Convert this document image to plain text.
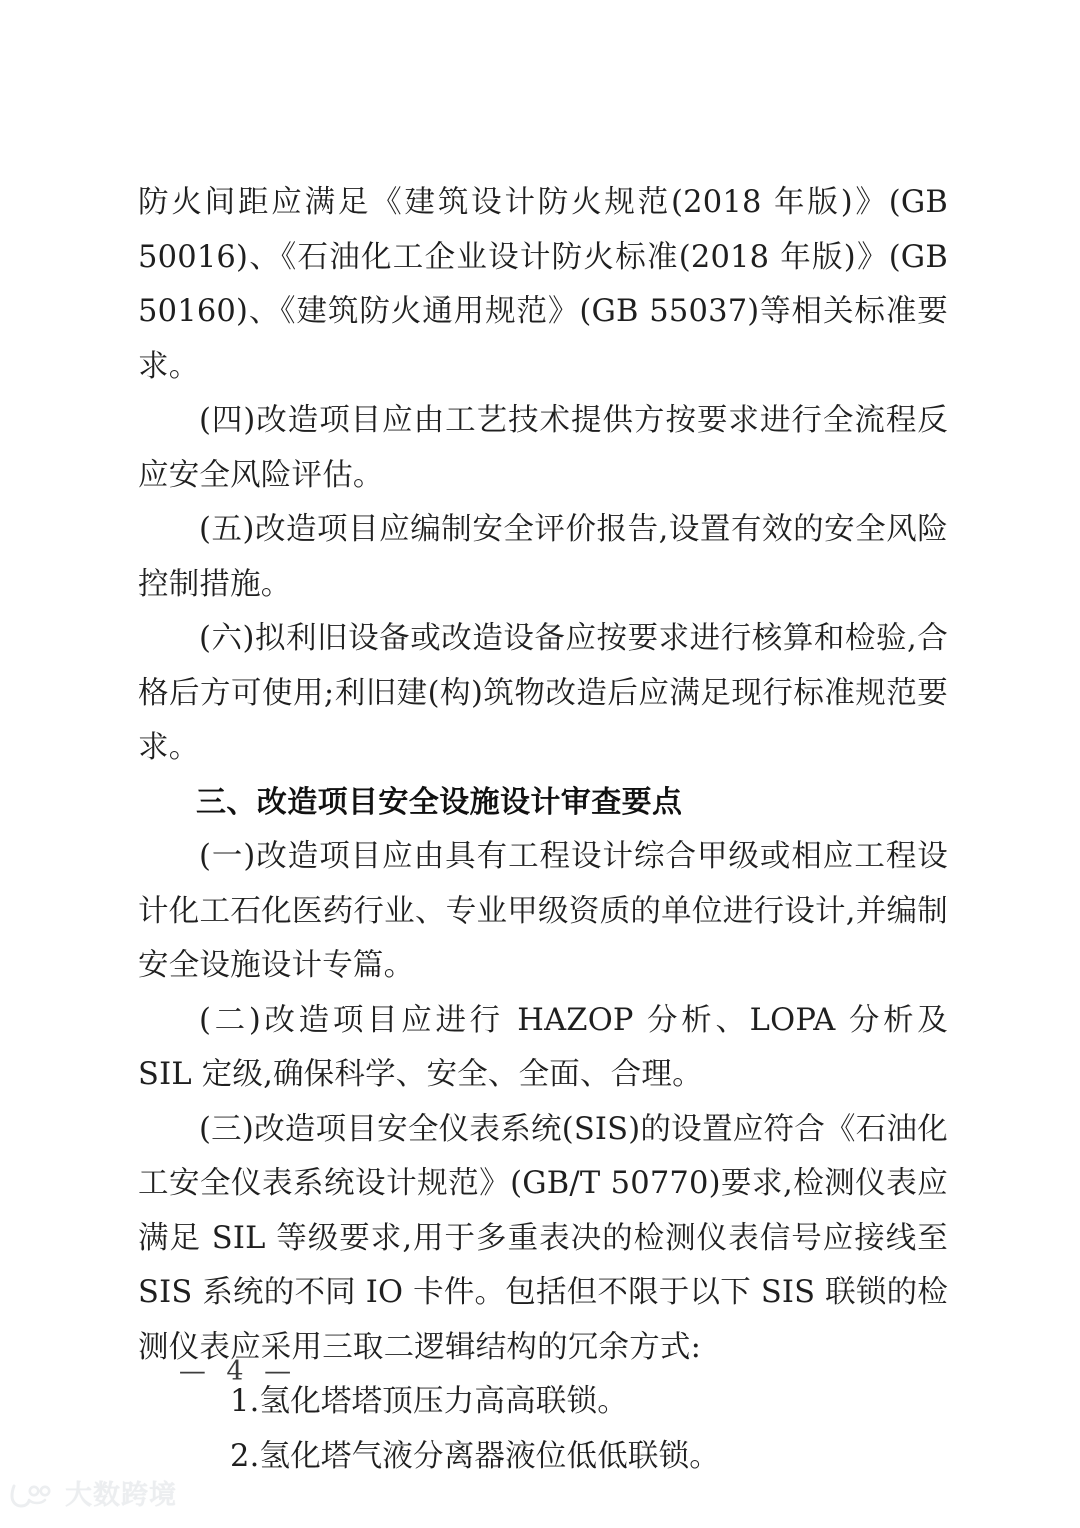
防火间距应满足《建筑设计防火规范(2018 年版)》(GB 50016)、《石油化工企业设计防火标准(2018 年版)》(GB 50160)、《建筑防火通用规范》(GB 55037)等相关标准要求。

(四)改造项目应由工艺技术提供方按要求进行全流程反应安全风险评估。

(五)改造项目应编制安全评价报告,设置有效的安全风险控制措施。

(六)拟利旧设备或改造设备应按要求进行核算和检验,合格后方可使用;利旧建(构)筑物改造后应满足现行标准规范要求。

三、改造项目安全设施设计审查要点

(一)改造项目应由具有工程设计综合甲级或相应工程设计化工石化医药行业、专业甲级资质的单位进行设计,并编制安全设施设计专篇。

(二)改造项目应进行 HAZOP 分析、LOPA 分析及 SIL 定级,确保科学、安全、全面、合理。

(三)改造项目安全仪表系统(SIS)的设置应符合《石油化工安全仪表系统设计规范》(GB/T 50770)要求,检测仪表应满足 SIL 等级要求,用于多重表决的检测仪表信号应接线至 SIS 系统的不同 IO 卡件。包括但不限于以下 SIS 联锁的检测仪表应采用三取二逻辑结构的冗余方式:

1.氢化塔塔顶压力高高联锁。

2.氢化塔气液分离器液位低低联锁。

— 4 —
大数跨境
